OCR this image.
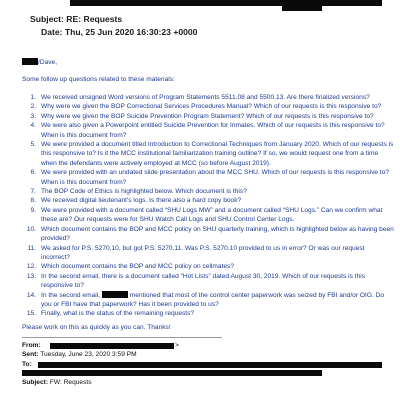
Subject: RE: Requests
Date: Thu, 25 Jun 2020 16:30:23 +0000
/Dave,
Some follow up questions related to these materials:
1. We received unsigned Word versions of Program Statements 5511.08 and 5500.13. Are there finalized versions?
2. Why were we given the BOP Correctional Services Procedures Manual? Which of our requests is this responsive to?
3. Why were we given the BOP Suicide Prevention Program Statement? Which of our requests is this responsive to?
4. We were also given a Powerpoint entitled Suicide Prevention for Inmates. Which of our requests is this responsive to? When is this document from?
5. We were provided a document titled Introduction to Correctional Techniques from January 2020. Which of our requests is this responsive to? Is it the MCC institutional familiarization training outline? If so, we would request one from a time when the defendants were actively employed at MCC (so before August 2019).
6. We were provided with an undated slide presentation about the MCC SHU. Which of our requests is this responsive to? When is this document from?
7. The BOP Code of Ethics is highlighted below. Which document is this?
8. We received digital lieutenant's logs. Is there also a hard copy book?
9. We were provided with a document called “SHU Logs MW” and a document called “SHU Logs.” Can we confirm what these are? Our requests were for SHU Watch Call Logs and SHU Control Center Logs.
10. Which document contains the BOP and MCC policy on SHU quarterly training, which is highlighted below as having been provided?
11. We asked for P.S. 5270.10, but got P.S. 5270.11. Was P.S. 5270.10 provided to us in error? Or was our request incorrect?
12. Which document contains the BOP and MCC policy on cellmates?
13. In the second email, there is a document called “Hot Lists” dated August 30, 2019. Which of our requests is this responsive to?
14. In the second email,	mentioned that most of the control center paperwork was seized by FBI and/or OIG. Do you or FBI have that paperwork? Has it been provided to us?
15. Finally, what is the status of the remaining requests?
Please work on this as quickly as you can. Thanks!
From:	>
Sent: Tuesday, June 23, 2020 3:59 PM
To:
Subject: FW: Requests
